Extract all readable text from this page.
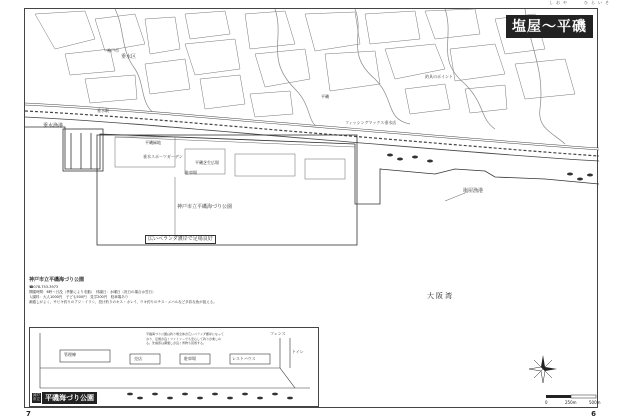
しおや　　ひらいそ
塩屋～平磯
大阪湾
塩屋漁港
垂水漁港
神戸市立平磯海づり公園
広いベランダ護岸で足場良好
平磯緑地
垂水スポーツガーデン
平磯芝生広場
駐車場
垂水区
神戸市
平磯
垂水駅
フィッシングマックス垂水店
釣具のポイント
神戸市立平磯海づり公園
☎078-753-3973
開園時間：6時～日没（季節により変動）　休園日：水曜日（祝日の場合は翌日）
入園料：大人1000円　子ども500円　見学200円　駐車場あり
潮通しがよく、サビキ釣りのアジ・イワシ、投げ釣りのキス・カレイ、ウキ釣りのチヌ・メバルなど多彩な魚が狙える。
管理棟
売店	レストハウス
フェンス
トイレ
駐車場
平磯海づり公園は釣り場全体が広いベランダ護岸になっており、足場が良くファミリーでも安心して釣りが楽しめる。先端部は潮通しが良く青物も回遊する。
神戸
市立 平磯海づり公園
0	250m	500m
7	6
